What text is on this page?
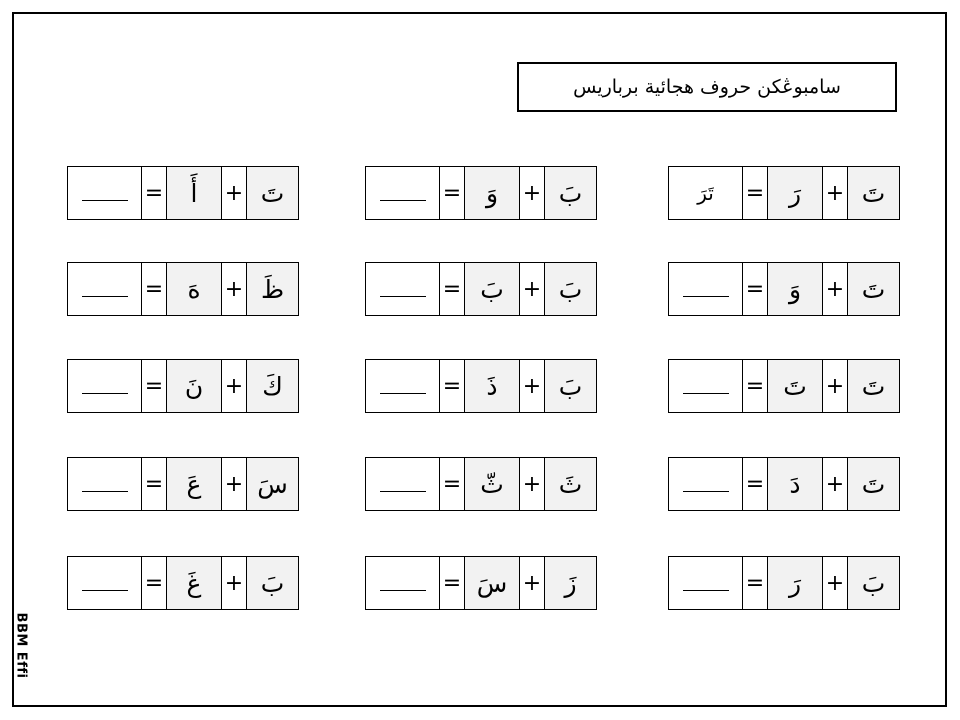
سامبوڠكن حروف هجائية برباريس
تَرَ = رَ	+ تَ
= وَ	+ بَ
=	أَ	+ تَ
= وَ	+ تَ
= بَ + بَ
= هَ	+ ظَ
= تَ + تَ
=	ذَ	+ بَ
= نَ + كَ
=	دَ	+ تَ
= ثّ + ثَ
= عَ	+ سَ
= رَ	+ بَ
= سَ + زَ
= غَ	+ بَ
BBM Effi
